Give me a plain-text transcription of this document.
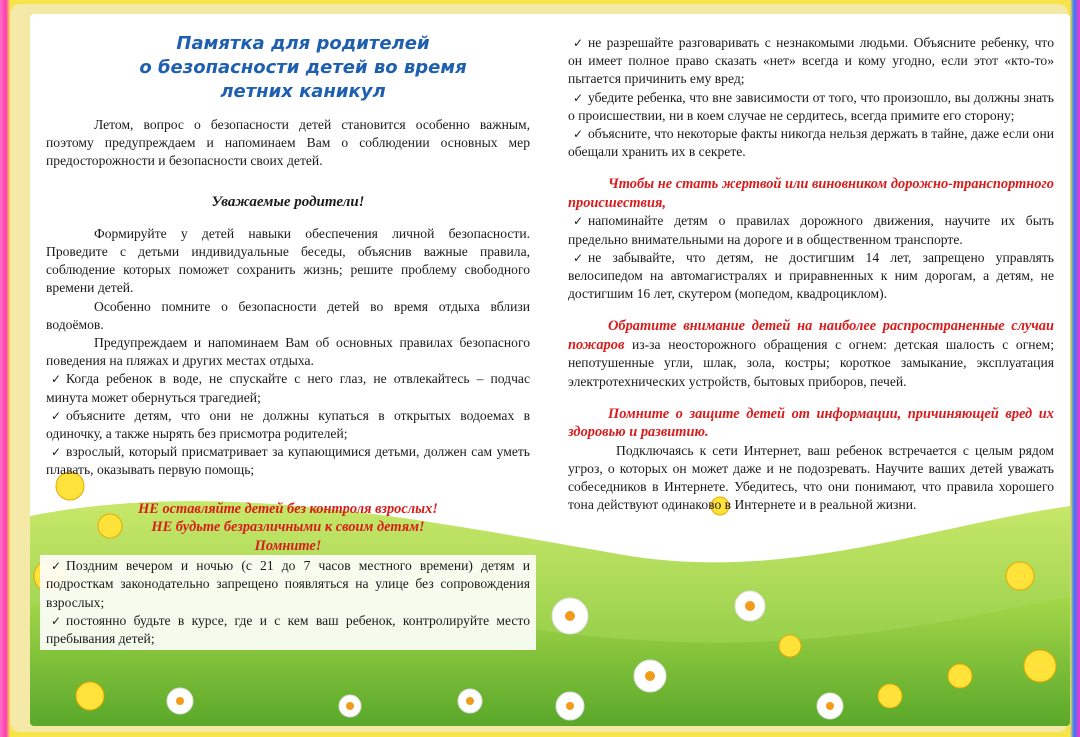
Памятка для родителей
о безопасности детей во время
летних каникул

Летом, вопрос о безопасности детей становится особенно важным, поэтому предупреждаем и напоминаем Вам о соблюдении основных мер предосторожности и безопасности своих детей.

Уважаемые родители!

Формируйте у детей навыки обеспечения личной безопасности. Проведите с детьми индивидуальные беседы, объяснив важные правила, соблюдение которых поможет сохранить жизнь; решите проблему свободного времени детей.

Особенно помните о безопасности детей во время отдыха вблизи водоёмов.

Предупреждаем и напоминаем Вам об основных правилах безопасного поведения на пляжах и других местах отдыха.

✓ Когда ребенок в воде, не спускайте с него глаз, не отвлекайтесь – подчас минута может обернуться трагедией;

✓ объясните детям, что они не должны купаться в открытых водоемах в одиночку, а также нырять без присмотра родителей;

✓ взрослый, который присматривает за купающимися детьми, должен сам уметь плавать, оказывать первую помощь;

НЕ оставляйте детей без контроля взрослых!
НЕ будьте безразличными к своим детям!
Помните!

✓ Поздним вечером и ночью (с 21 до 7 часов местного времени) детям и подросткам законодательно запрещено появляться на улице без сопровождения взрослых;

✓ постоянно будьте в курсе, где и с кем ваш ребенок, контролируйте место пребывания детей;

✓ не разрешайте разговаривать с незнакомыми людьми. Объясните ребенку, что он имеет полное право сказать «нет» всегда и кому угодно, если этот «кто-то» пытается причинить ему вред;

✓ убедите ребенка, что вне зависимости от того, что произошло, вы должны знать о происшествии, ни в коем случае не сердитесь, всегда примите его сторону;

✓ объясните, что некоторые факты никогда нельзя держать в тайне, даже если они обещали хранить их в секрете.

Чтобы не стать жертвой или виновником дорожно-транспортного происшествия,

✓ напоминайте детям о правилах дорожного движения, научите их быть предельно внимательными на дороге и в общественном транспорте.

✓ не забывайте, что детям, не достигшим 14 лет, запрещено управлять велосипедом на автомагистралях и приравненных к ним дорогам, а детям, не достигшим 16 лет, скутером (мопедом, квадроциклом).

Обратите внимание детей на наиболее распространенные случаи пожаров из-за неосторожного обращения с огнем: детская шалость с огнем; непотушенные угли, шлак, зола, костры; короткое замыкание, эксплуатация электротехнических устройств, бытовых приборов, печей.

Помните о защите детей от информации, причиняющей вред их здоровью и развитию.

Подключаясь к сети Интернет, ваш ребенок встречается с целым рядом угроз, о которых он может даже и не подозревать. Научите ваших детей уважать собеседников в Интернете. Убедитесь, что они понимают, что правила хорошего тона действуют одинаково в Интернете и в реальной жизни.
